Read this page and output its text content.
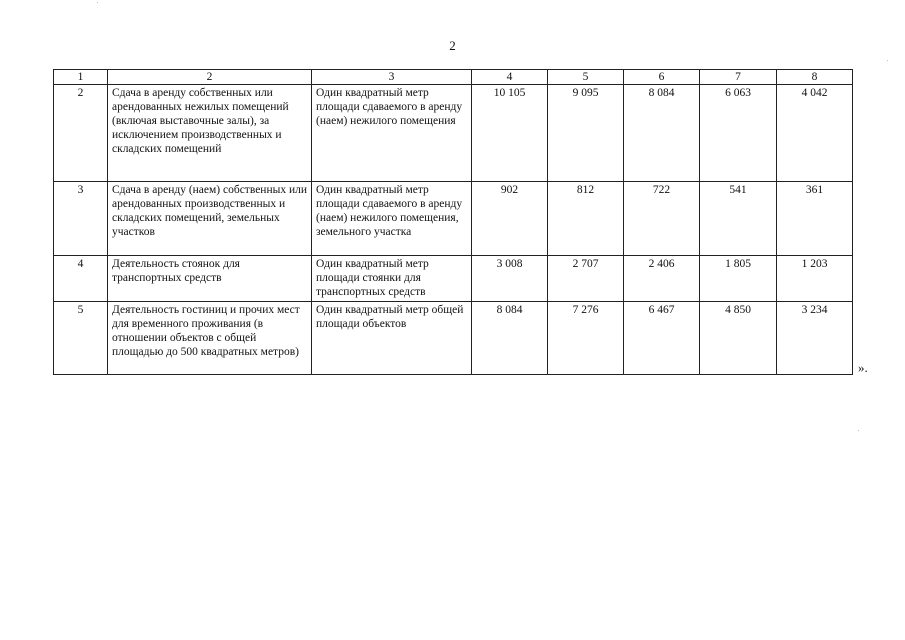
2
1	2	3	4	5	6	7	8
2	Сдача в аренду собственных или арендованных нежилых помещений (включая выставочные залы), за исключением производственных и складских помещений	Один квадратный метр площади сдаваемого в аренду (наем) нежилого помещения	10 105	9 095	8 084	6 063	4 042
3	Сдача в аренду (наем) собственных или арендованных производственных и складских помещений, земельных участков	Один квадратный метр площади сдаваемого в аренду (наем) нежилого помещения, земельного участка	902	812	722	541	361
4	Деятельность стоянок для транспортных средств	Один квадратный метр площади стоянки для транспортных средств	3 008	2 707	2 406	1 805	1 203
5	Деятельность гостиниц и прочих мест для временного проживания (в отношении объектов с общей площадью до 500 квадратных метров)	Один квадратный метр общей площади объектов	8 084	7 276	6 467	4 850	3 234
».
